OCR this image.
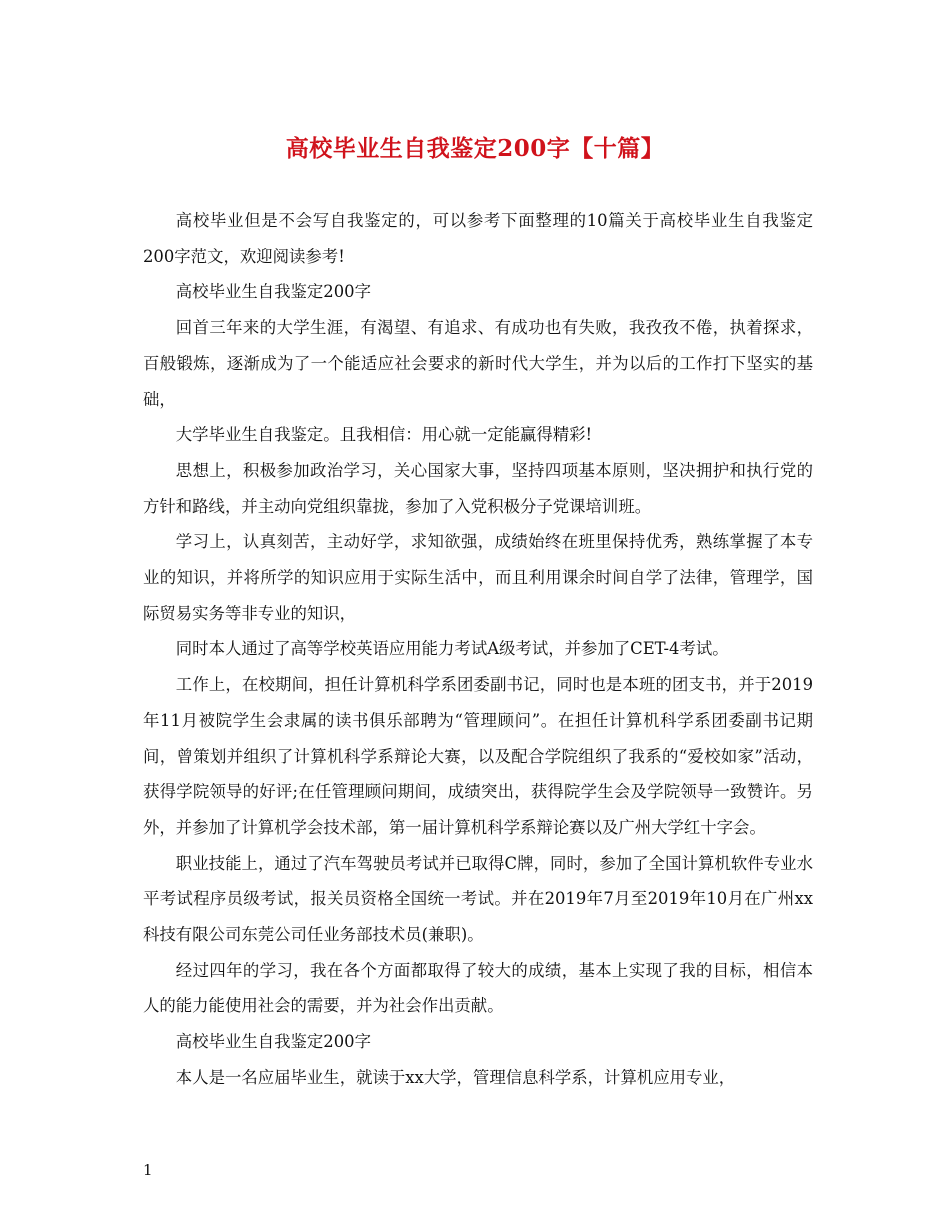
高校毕业生自我鉴定200字【十篇】

高校毕业但是不会写自我鉴定的，可以参考下面整理的10篇关于高校毕业生自我鉴定200字范文，欢迎阅读参考!

高校毕业生自我鉴定200字

回首三年来的大学生涯，有渴望、有追求、有成功也有失败，我孜孜不倦，执着探求，百般锻炼，逐渐成为了一个能适应社会要求的新时代大学生，并为以后的工作打下坚实的基础，

大学毕业生自我鉴定。且我相信：用心就一定能赢得精彩!

思想上，积极参加政治学习，关心国家大事，坚持四项基本原则，坚决拥护和执行党的方针和路线，并主动向党组织靠拢，参加了入党积极分子党课培训班。

学习上，认真刻苦，主动好学，求知欲强，成绩始终在班里保持优秀，熟练掌握了本专业的知识，并将所学的知识应用于实际生活中，而且利用课余时间自学了法律，管理学，国际贸易实务等非专业的知识，

同时本人通过了高等学校英语应用能力考试A级考试，并参加了CET-4考试。

工作上，在校期间，担任计算机科学系团委副书记，同时也是本班的团支书，并于2019年11月被院学生会隶属的读书俱乐部聘为“管理顾问”。在担任计算机科学系团委副书记期间，曾策划并组织了计算机科学系辩论大赛，以及配合学院组织了我系的“爱校如家”活动，获得学院领导的好评;在任管理顾问期间，成绩突出，获得院学生会及学院领导一致赞许。另外，并参加了计算机学会技术部，第一届计算机科学系辩论赛以及广州大学红十字会。

职业技能上，通过了汽车驾驶员考试并已取得C牌，同时，参加了全国计算机软件专业水平考试程序员级考试，报关员资格全国统一考试。并在2019年7月至2019年10月在广州xx科技有限公司东莞公司任业务部技术员(兼职)。

经过四年的学习，我在各个方面都取得了较大的成绩，基本上实现了我的目标，相信本人的能力能使用社会的需要，并为社会作出贡献。

高校毕业生自我鉴定200字

本人是一名应届毕业生，就读于xx大学，管理信息科学系，计算机应用专业，

1
